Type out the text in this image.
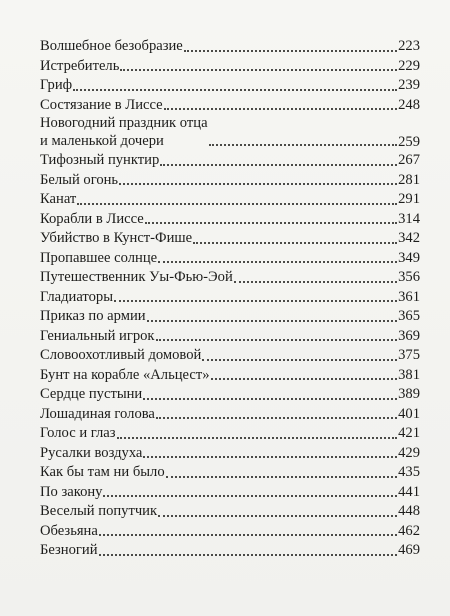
Волшебное безобразие	223
Истребитель	229
Гриф	239
Состязание в Лиссе	248
Новогодний праздник отца
и маленькой дочери	259
Тифозный пунктир	267
Белый огонь	281
Канат	291
Корабли в Лиссе	314
Убийство в Кунст-Фише	342
Пропавшее солнце	349
Путешественник Уы-Фью-Эой	356
Гладиаторы	361
Приказ по армии	365
Гениальный игрок	369
Словоохотливый домовой	375
Бунт на корабле «Альцест»	381
Сердце пустыни	389
Лошадиная голова	401
Голос и глаз	421
Русалки воздуха	429
Как бы там ни было	435
По закону	441
Веселый попутчик	448
Обезьяна	462
Безногий	469
